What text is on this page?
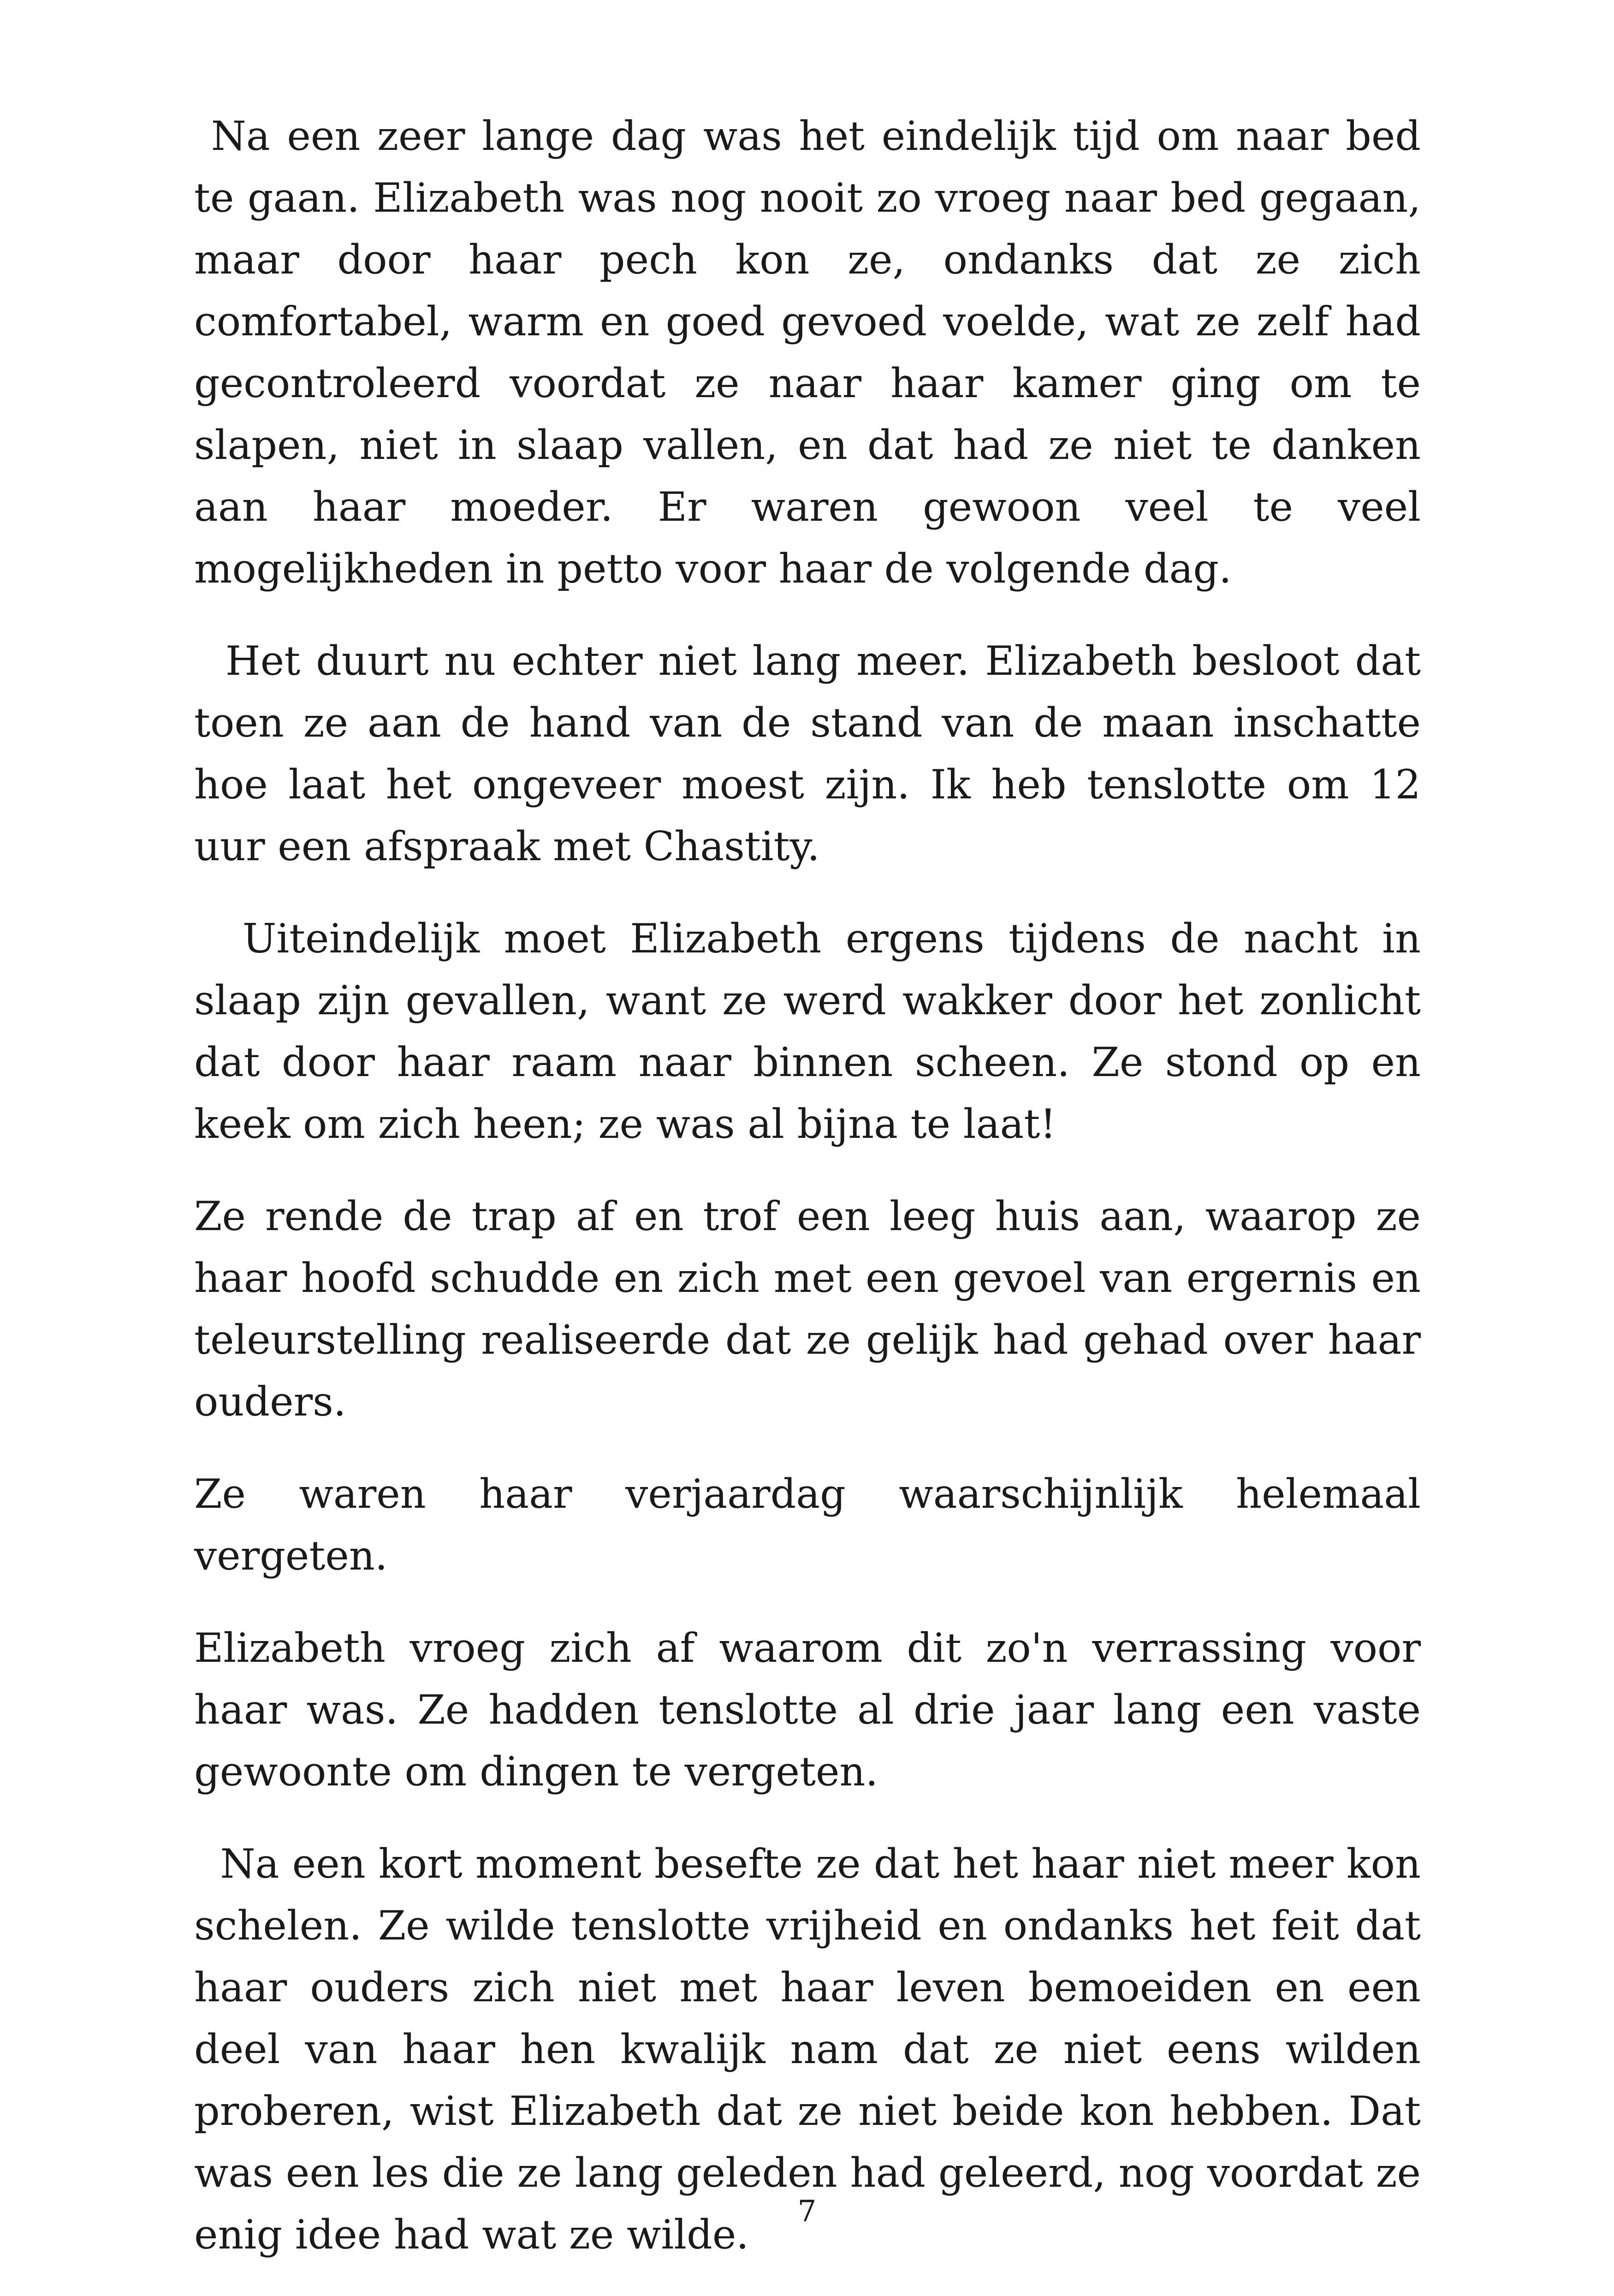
Na een zeer lange dag was het eindelijk tijd om naar bed te gaan. Elizabeth was nog nooit zo vroeg naar bed gegaan, maar door haar pech kon ze, ondanks dat ze zich comfortabel, warm en goed gevoed voelde, wat ze zelf had gecontroleerd voordat ze naar haar kamer ging om te slapen, niet in slaap vallen, en dat had ze niet te danken aan haar moeder. Er waren gewoon veel te veel mogelijkheden in petto voor haar de volgende dag.

Het duurt nu echter niet lang meer. Elizabeth besloot dat toen ze aan de hand van de stand van de maan inschatte hoe laat het ongeveer moest zijn. Ik heb tenslotte om 12 uur een afspraak met Chastity.

Uiteindelijk moet Elizabeth ergens tijdens de nacht in slaap zijn gevallen, want ze werd wakker door het zonlicht dat door haar raam naar binnen scheen. Ze stond op en keek om zich heen; ze was al bijna te laat!

Ze rende de trap af en trof een leeg huis aan, waarop ze haar hoofd schudde en zich met een gevoel van ergernis en teleurstelling realiseerde dat ze gelijk had gehad over haar ouders.

Ze waren haar verjaardag waarschijnlijk helemaal vergeten.

Elizabeth vroeg zich af waarom dit zo'n verrassing voor haar was. Ze hadden tenslotte al drie jaar lang een vaste gewoonte om dingen te vergeten.

Na een kort moment besefte ze dat het haar niet meer kon schelen. Ze wilde tenslotte vrijheid en ondanks het feit dat haar ouders zich niet met haar leven bemoeiden en een deel van haar hen kwalijk nam dat ze niet eens wilden proberen, wist Elizabeth dat ze niet beide kon hebben. Dat was een les die ze lang geleden had geleerd, nog voordat ze enig idee had wat ze wilde.	7
